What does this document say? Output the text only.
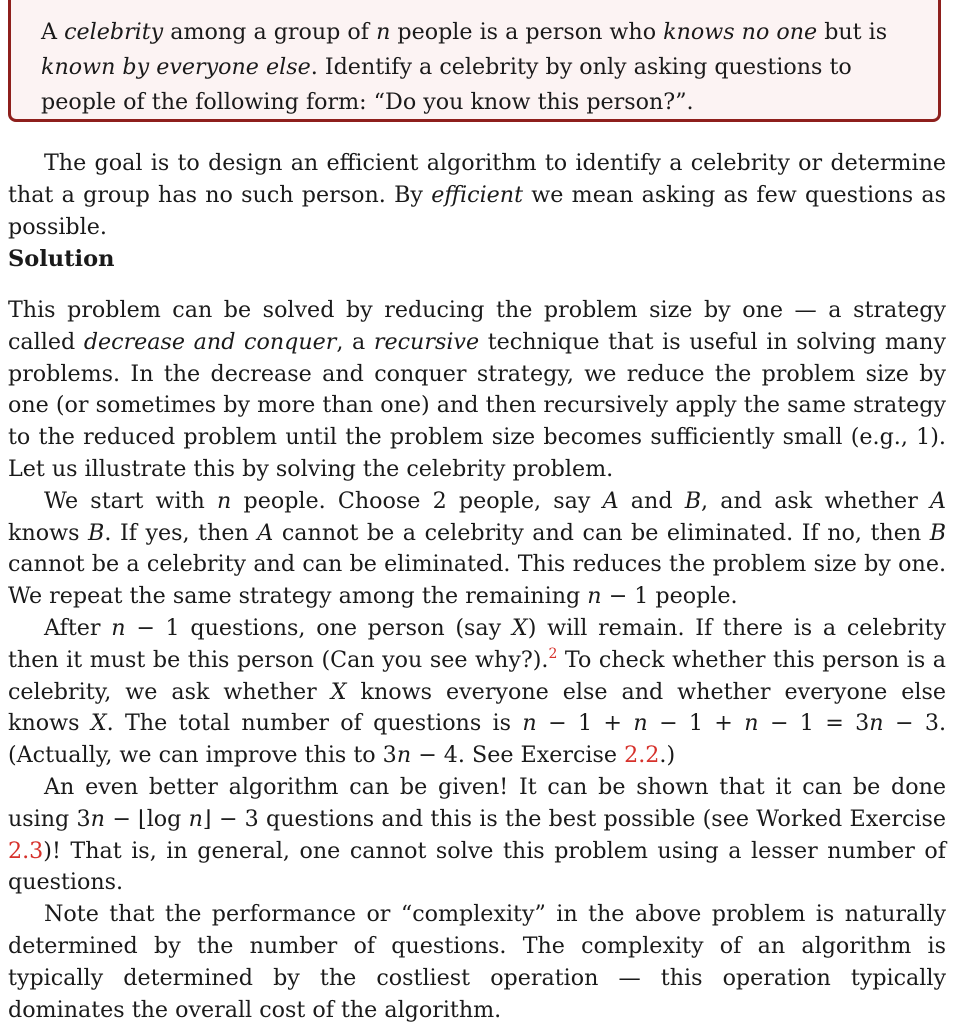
A celebrity among a group of n people is a person who knows no one but is known by everyone else. Identify a celebrity by only asking questions to people of the following form: “Do you know this person?”.

The goal is to design an efficient algorithm to identify a celebrity or determine that a group has no such person. By efficient we mean asking as few questions as possible.

Solution

This problem can be solved by reducing the problem size by one — a strategy called decrease and conquer, a recursive technique that is useful in solving many problems. In the decrease and conquer strategy, we reduce the problem size by one (or sometimes by more than one) and then recursively apply the same strategy to the reduced problem until the problem size becomes sufficiently small (e.g., 1). Let us illustrate this by solving the celebrity problem.

We start with n people. Choose 2 people, say A and B, and ask whether A knows B. If yes, then A cannot be a celebrity and can be eliminated. If no, then B cannot be a celebrity and can be eliminated. This reduces the problem size by one. We repeat the same strategy among the remaining n − 1 people.

After n − 1 questions, one person (say X) will remain. If there is a celebrity then it must be this person (Can you see why?).$^2$ To check whether this person is a celebrity, we ask whether X knows everyone else and whether everyone else knows X. The total number of questions is n − 1 + n − 1 + n − 1 = 3n − 3. (Actually, we can improve this to 3n − 4. See Exercise 2.2.)

An even better algorithm can be given! It can be shown that it can be done using 3n − ⌊log n⌋ − 3 questions and this is the best possible (see Worked Exercise 2.3)! That is, in general, one cannot solve this problem using a lesser number of questions.

Note that the performance or “complexity” in the above problem is naturally determined by the number of questions. The complexity of an algorithm is typically determined by the costliest operation — this operation typically dominates the overall cost of the algorithm.
